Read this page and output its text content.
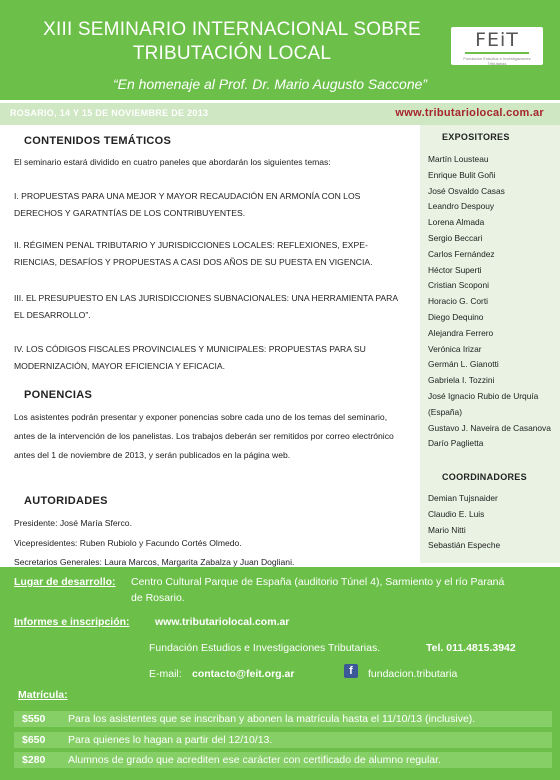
XIII SEMINARIO INTERNACIONAL SOBRE
TRIBUTACIÓN LOCAL
FEiT
Fundación Estudios e Investigaciones Tributarias
“En homenaje al Prof. Dr. Mario Augusto Saccone”
ROSARIO, 14 Y 15 DE NOVIEMBRE DE 2013	www.tributariolocal.com.ar
CONTENIDOS TEMÁTICOS
El seminario estará dividido en cuatro paneles que abordarán los siguientes temas:
I. PROPUESTAS PARA UNA MEJOR Y MAYOR RECAUDACIÓN EN ARMONÍA CON LOS DERECHOS Y GARATNTÍAS DE LOS CONTRIBUYENTES.
II. RÉGIMEN PENAL TRIBUTARIO Y JURISDICCIONES LOCALES: REFLEXIONES, EXPE-RIENCIAS, DESAFÍOS Y PROPUESTAS A CASI DOS AÑOS DE SU PUESTA EN VIGENCIA.
III. EL PRESUPUESTO EN LAS JURISDICCIONES SUBNACIONALES: UNA HERRAMIENTA PARA EL DESARROLLO”.
IV. LOS CÓDIGOS FISCALES PROVINCIALES Y MUNICIPALES: PROPUESTAS PARA SU MODERNIZACIÓN, MAYOR EFICIENCIA Y EFICACIA.
PONENCIAS
Los asistentes podrán presentar y exponer ponencias sobre cada uno de los temas del seminario, antes de la intervención de los panelistas. Los trabajos deberán ser remitidos por correo electrónico antes del 1 de noviembre de 2013, y serán publicados en la página web.
AUTORIDADES
Presidente: José María Sferco.
Vicepresidentes: Ruben Rubiolo y Facundo Cortés Olmedo.
Secretarios Generales: Laura Marcos, Margarita Zabalza y Juan Dogliani.
EXPOSITORES
Martín Lousteau
Enrique Bulit Goñi
José Osvaldo Casas
Leandro Despouy
Lorena Almada
Sergio Beccari
Carlos Fernández
Héctor Superti
Cristian Scoponi
Horacio G. Corti
Diego Dequino
Alejandra Ferrero
Verónica Irizar
Germán L. Gianotti
Gabriela I. Tozzini
José Ignacio Rubio de Urquía
(España)
Gustavo J. Naveira de Casanova
Darío Paglietta
COORDINADORES
Demian Tujsnaider
Claudio E. Luis
Mario Nitti
Sebastián Espeche
Lugar de desarrollo: Centro Cultural Parque de España (auditorio Túnel 4), Sarmiento y el río Paraná
de Rosario.
Informes e inscripción: www.tributariolocal.com.ar
Fundación Estudios e Investigaciones Tributarias.	Tel. 011.4815.3942
E-mail: contacto@feit.org.ar	f	fundacion.tributaria
Matrícula:
$550 Para los asistentes que se inscriban y abonen la matrícula hasta el 11/10/13 (inclusive).
$650 Para quienes lo hagan a partir del 12/10/13.
$280 Alumnos de grado que acrediten ese carácter con certificado de alumno regular.
